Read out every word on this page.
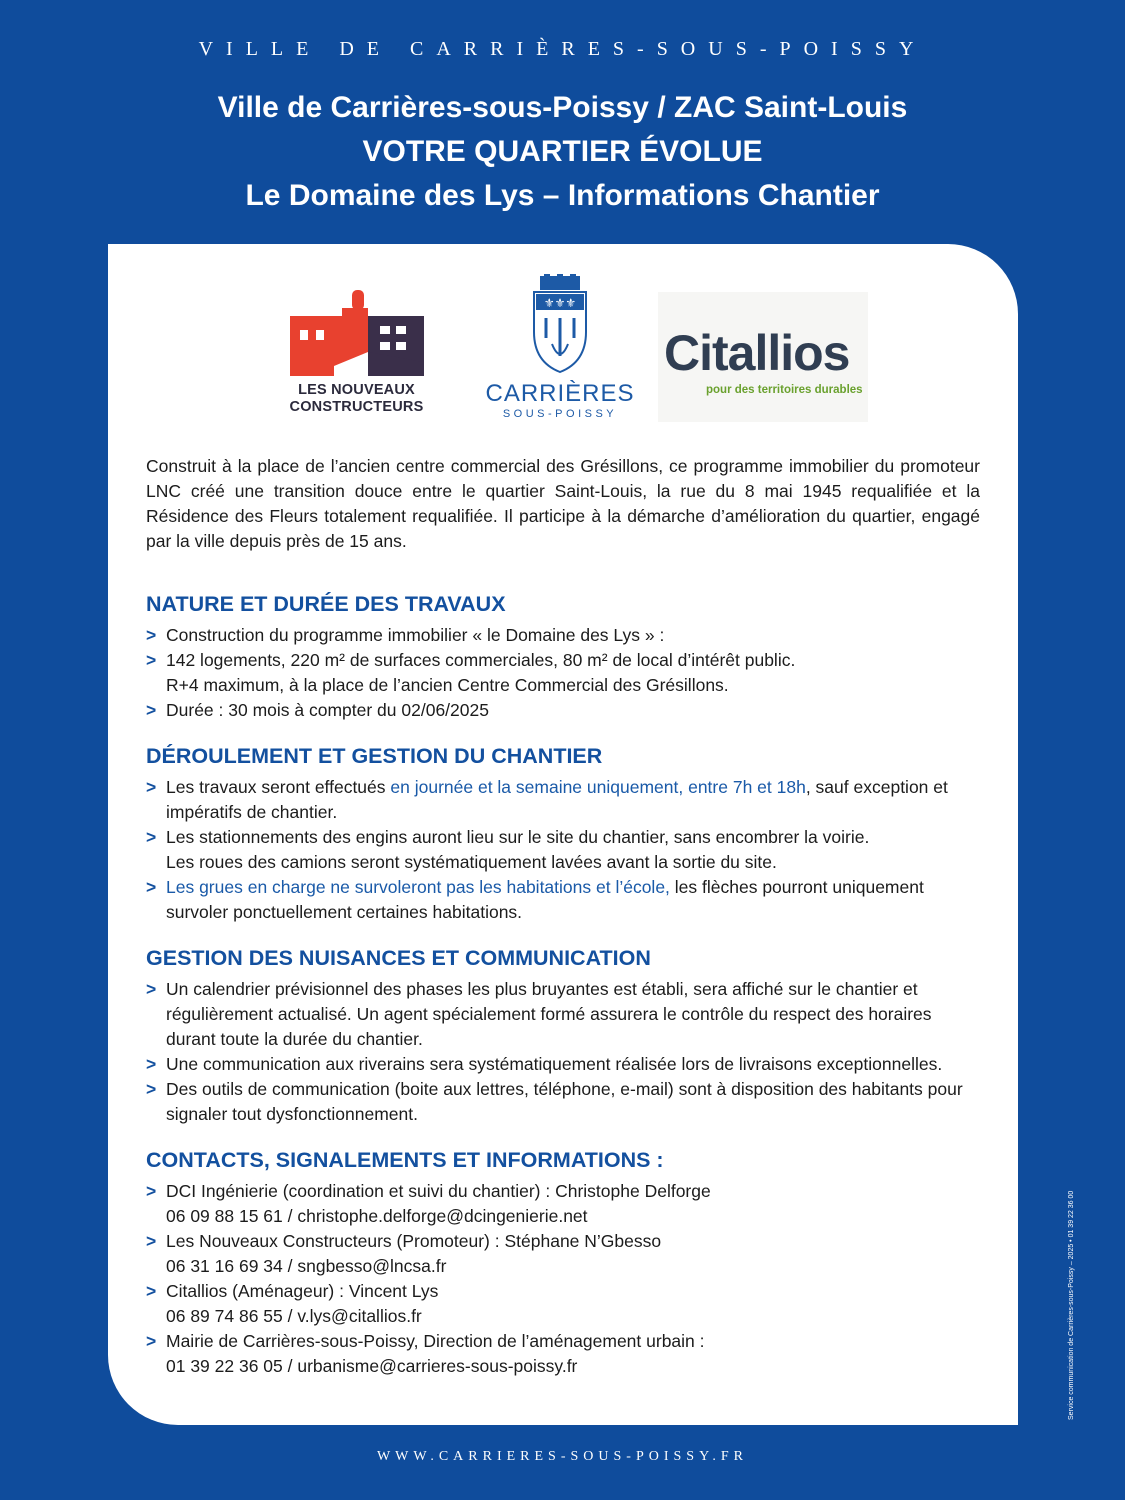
VILLE DE CARRIÈRES-SOUS-POISSY
Ville de Carrières-sous-Poissy / ZAC Saint-Louis
VOTRE QUARTIER ÉVOLUE
Le Domaine des Lys – Informations Chantier
LES NOUVEAUX
CONSTRUCTEURS
⚜⚜⚜
CARRIÈRES
SOUS-POISSY
Citallios
pour des territoires durables

Construit à la place de l’ancien centre commercial des Grésillons, ce programme immobilier du promoteur LNC créé une transition douce entre le quartier Saint-Louis, la rue du 8 mai 1945 requalifiée et la Résidence des Fleurs totalement requalifiée. Il participe à la démarche d’amélioration du quartier, engagé par la ville depuis près de 15 ans.

NATURE ET DURÉE DES TRAVAUX
> Construction du programme immobilier « le Domaine des Lys » :
> 142 logements, 220 m² de surfaces commerciales, 80 m² de local d’intérêt public.
R+4 maximum, à la place de l’ancien Centre Commercial des Grésillons.
> Durée : 30 mois à compter du 02/06/2025
DÉROULEMENT ET GESTION DU CHANTIER
> Les travaux seront effectués en journée et la semaine uniquement, entre 7h et 18h, sauf exception et impératifs de chantier.
> Les stationnements des engins auront lieu sur le site du chantier, sans encombrer la voirie.
Les roues des camions seront systématiquement lavées avant la sortie du site.
> Les grues en charge ne survoleront pas les habitations et l’école, les flèches pourront uniquement survoler ponctuellement certaines habitations.
GESTION DES NUISANCES ET COMMUNICATION
> Un calendrier prévisionnel des phases les plus bruyantes est établi, sera affiché sur le chantier et régulièrement actualisé. Un agent spécialement formé assurera le contrôle du respect des horaires durant toute la durée du chantier.
> Une communication aux riverains sera systématiquement réalisée lors de livraisons exceptionnelles.
> Des outils de communication (boite aux lettres, téléphone, e-mail) sont à disposition des habitants pour signaler tout dysfonctionnement.
CONTACTS, SIGNALEMENTS ET INFORMATIONS :
> DCI Ingénierie (coordination et suivi du chantier) : Christophe Delforge
06 09 88 15 61 / christophe.delforge@dcingenierie.net
> Les Nouveaux Constructeurs (Promoteur) : Stéphane N’Gbesso
06 31 16 69 34 / sngbesso@lncsa.fr
> Citallios (Aménageur) : Vincent Lys
06 89 74 86 55 / v.lys@citallios.fr
> Mairie de Carrières-sous-Poissy, Direction de l’aménagement urbain :
01 39 22 36 05 / urbanisme@carrieres-sous-poissy.fr
WWW.CARRIERES-SOUS-POISSY.FR
Service communication de Carrières-sous-Poissy – 2025 • 01 39 22 36 00
